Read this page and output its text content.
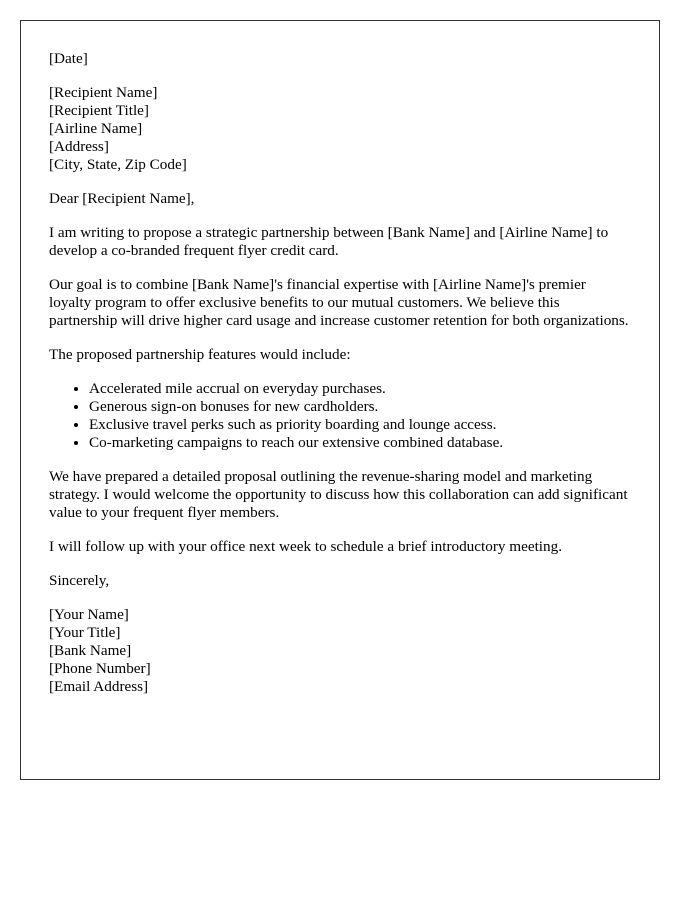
[Date]
[Recipient Name]
[Recipient Title]
[Airline Name]
[Address]
[City, State, Zip Code]

Dear [Recipient Name],

I am writing to propose a strategic partnership between [Bank Name] and [Airline Name] to develop a co-branded frequent flyer credit card.

Our goal is to combine [Bank Name]'s financial expertise with [Airline Name]'s premier loyalty program to offer exclusive benefits to our mutual customers. We believe this partnership will drive higher card usage and increase customer retention for both organizations.

The proposed partnership features would include:

• Accelerated mile accrual on everyday purchases.
• Generous sign-on bonuses for new cardholders.
• Exclusive travel perks such as priority boarding and lounge access.
• Co-marketing campaigns to reach our extensive combined database.

We have prepared a detailed proposal outlining the revenue-sharing model and marketing strategy. I would welcome the opportunity to discuss how this collaboration can add significant value to your frequent flyer members.

I will follow up with your office next week to schedule a brief introductory meeting.

Sincerely,

[Your Name]
[Your Title]
[Bank Name]
[Phone Number]
[Email Address]
